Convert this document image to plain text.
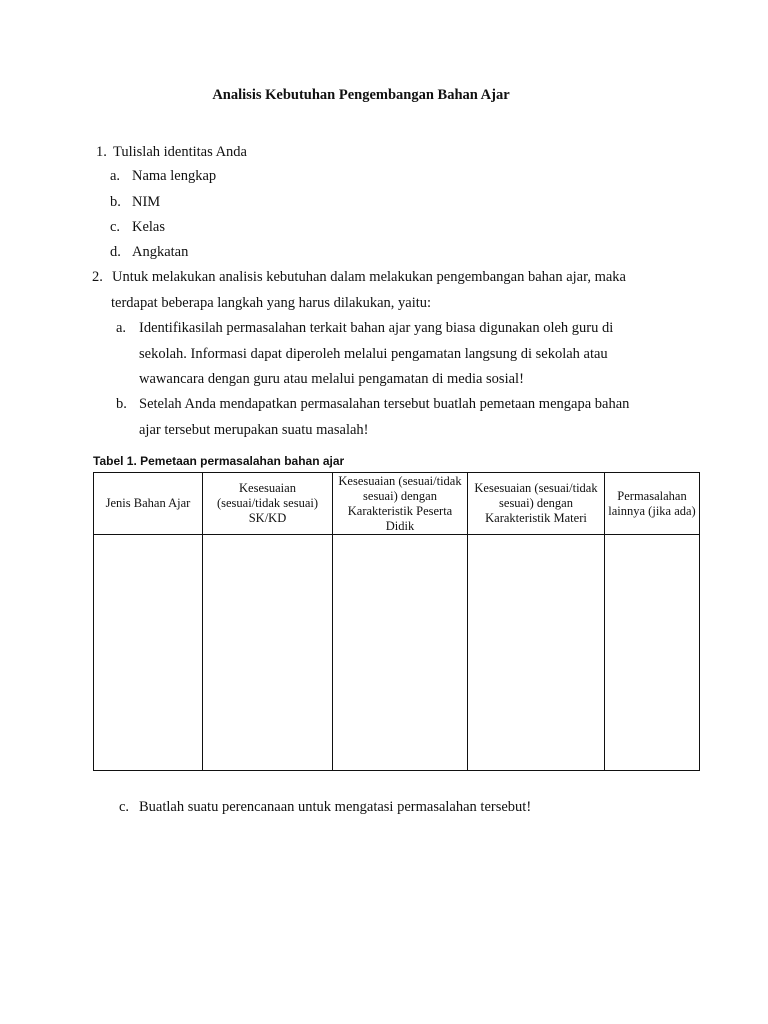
Analisis Kebutuhan Pengembangan Bahan Ajar
1. Tulislah identitas Anda
a. Nama lengkap
b. NIM
c. Kelas
d. Angkatan
2. Untuk melakukan analisis kebutuhan dalam melakukan pengembangan bahan ajar, maka
terdapat beberapa langkah yang harus dilakukan, yaitu:
a. Identifikasilah permasalahan terkait bahan ajar yang biasa digunakan oleh guru di
sekolah. Informasi dapat diperoleh melalui pengamatan langsung di sekolah atau
wawancara dengan guru atau melalui pengamatan di media sosial!
b. Setelah Anda mendapatkan permasalahan tersebut buatlah pemetaan mengapa bahan
ajar tersebut merupakan suatu masalah!
Tabel 1. Pemetaan permasalahan bahan ajar
Jenis Bahan Ajar	Kesesuaian (sesuai/tidak sesuai) SK/KD	Kesesuaian (sesuai/tidak sesuai) dengan Karakteristik Peserta Didik	Kesesuaian (sesuai/tidak sesuai) dengan Karakteristik Materi	Permasalahan lainnya (jika ada)

c. Buatlah suatu perencanaan untuk mengatasi permasalahan tersebut!
